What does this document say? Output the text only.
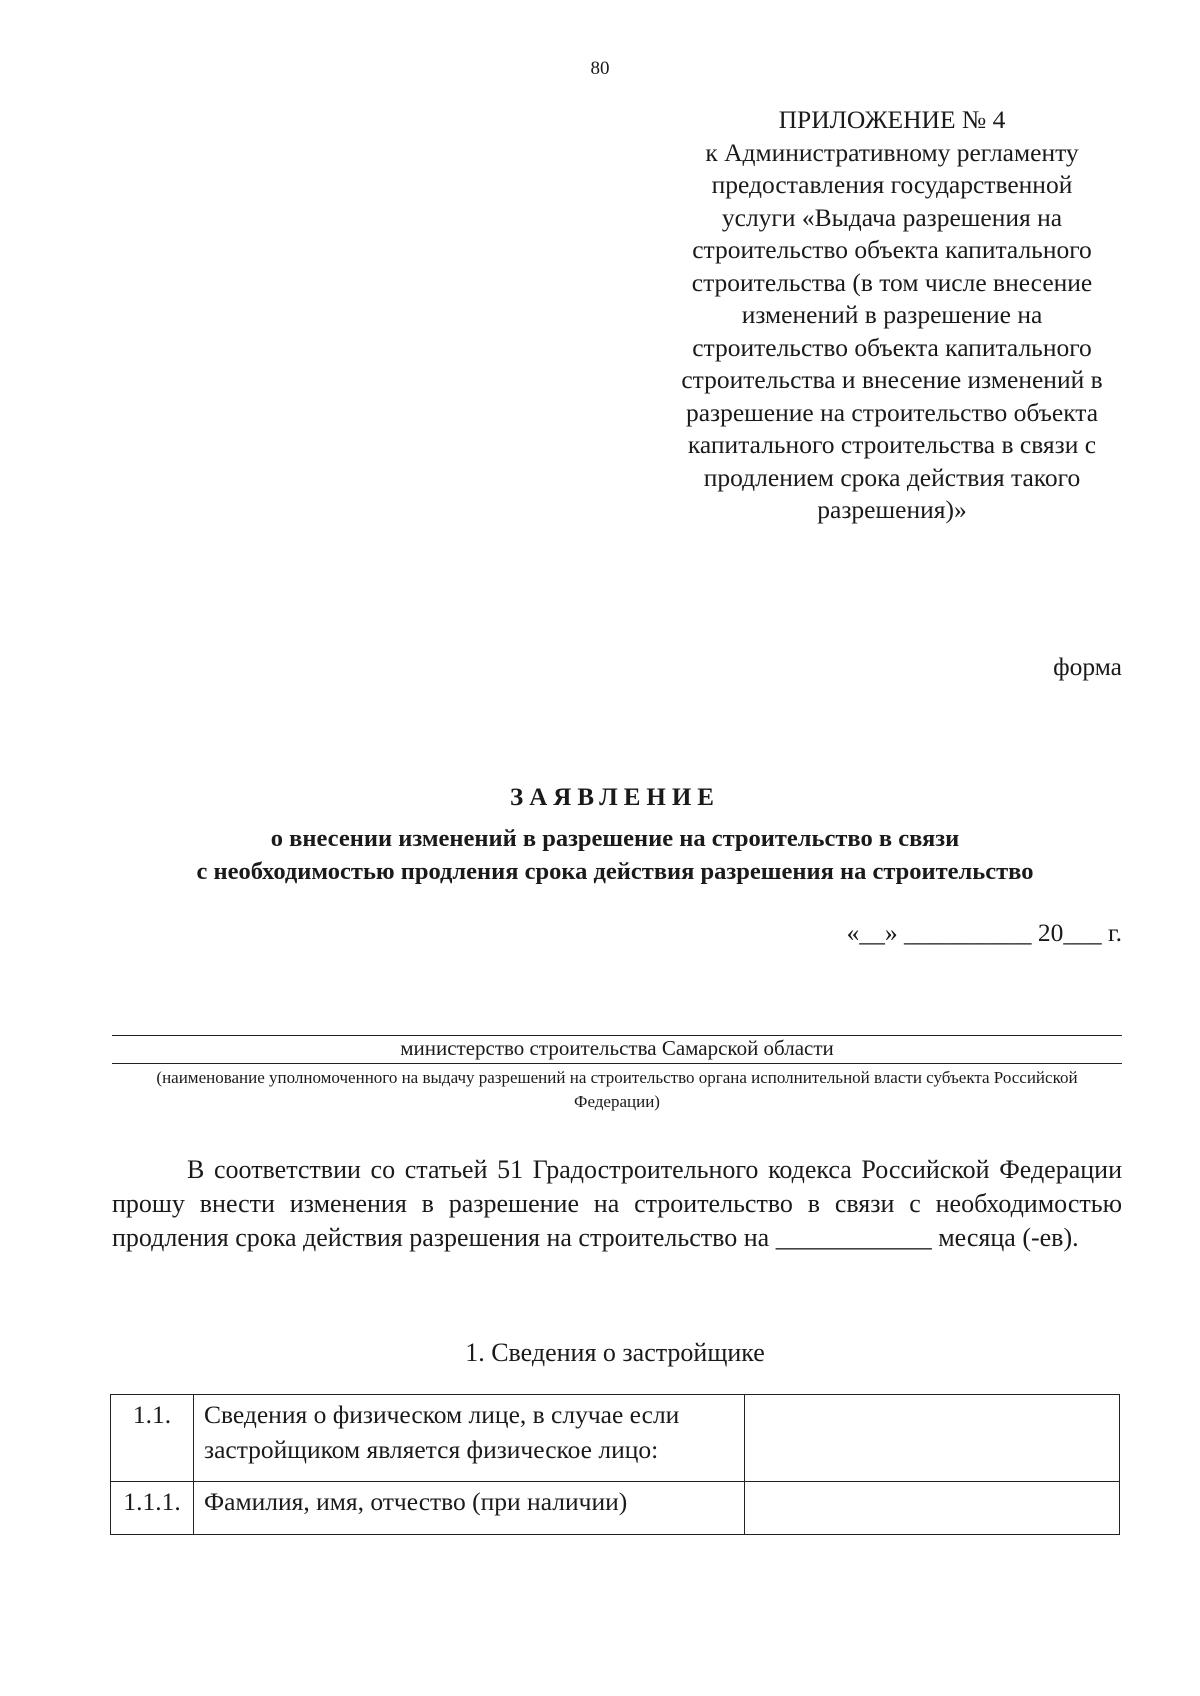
80
ПРИЛОЖЕНИЕ № 4
к Административному регламенту предоставления государственной услуги «Выдача разрешения на строительство объекта капитального строительства (в том числе внесение изменений в разрешение на строительство объекта капитального строительства и внесение изменений в разрешение на строительство объекта капитального строительства в связи с продлением срока действия такого разрешения)»
форма
ЗАЯВЛЕНИЕ
о внесении изменений в разрешение на строительство в связи
с необходимостью продления срока действия разрешения на строительство
«__» __________ 20___ г.
министерство строительства Самарской области
(наименование уполномоченного на выдачу разрешений на строительство органа исполнительной власти субъекта Российской Федерации)
В соответствии со статьей 51 Градостроительного кодекса Российской Федерации прошу внести изменения в разрешение на строительство в связи с необходимостью продления срока действия разрешения на строительство на ____________ месяца (-ев).
1. Сведения о застройщике
1.1.	Сведения о физическом лице, в случае если застройщиком является физическое лицо:	
1.1.1.	Фамилия, имя, отчество (при наличии)	
